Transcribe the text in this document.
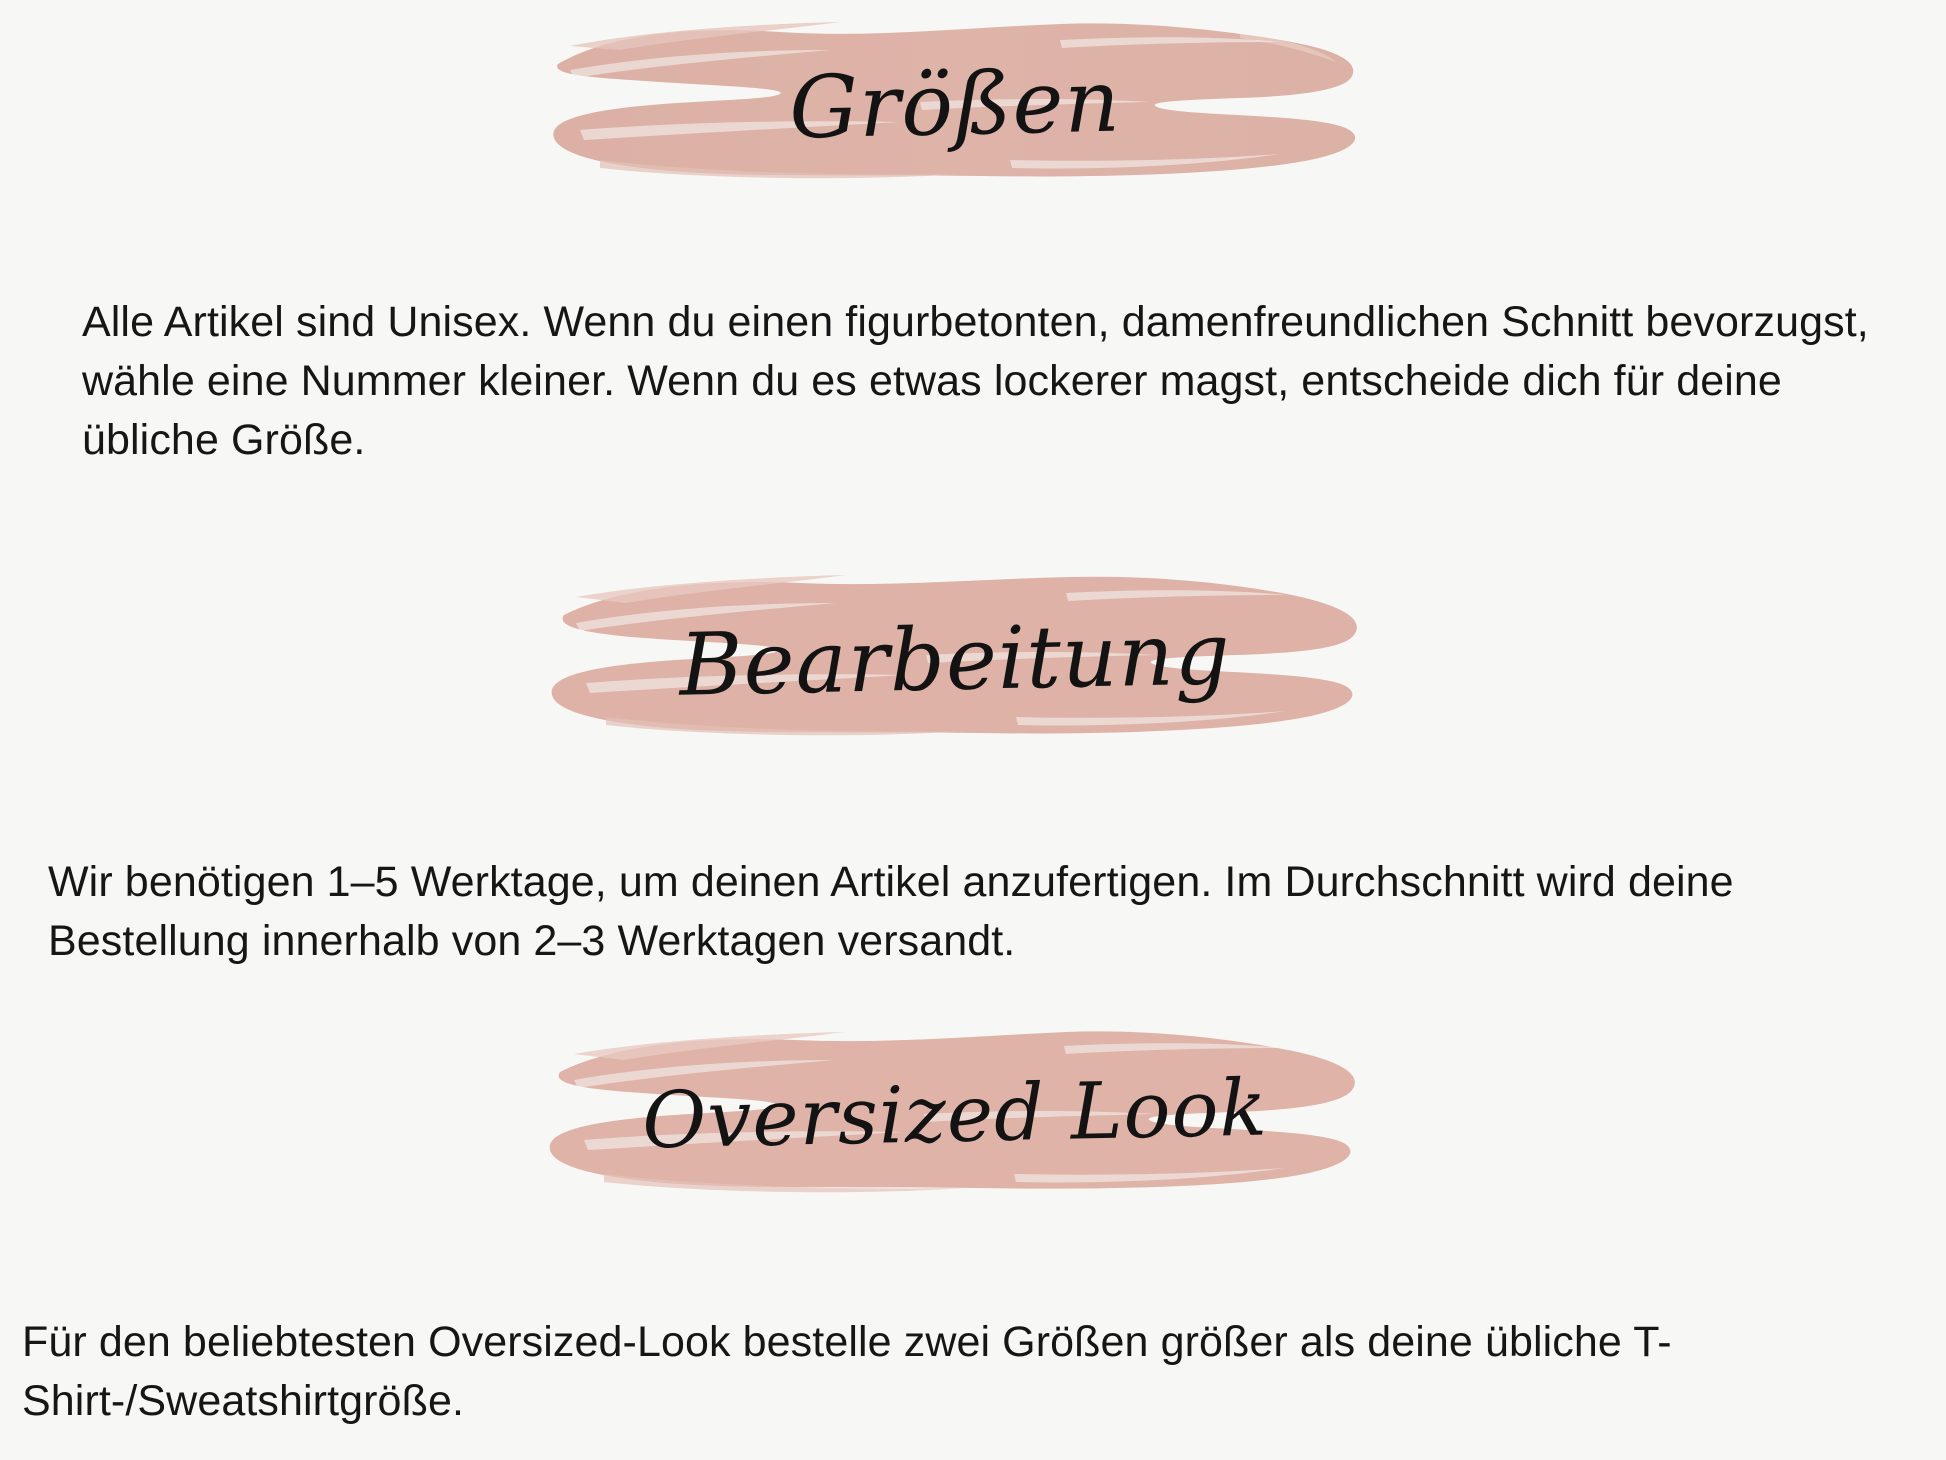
Größen

Alle Artikel sind Unisex. Wenn du einen figurbetonten, damenfreundlichen Schnitt bevorzugst, wähle eine Nummer kleiner. Wenn du es etwas lockerer magst, entscheide dich für deine übliche Größe.

Bearbeitung

Wir benötigen 1–5 Werktage, um deinen Artikel anzufertigen. Im Durchschnitt wird deine Bestellung innerhalb von 2–3 Werktagen versandt.

Oversized Look

Für den beliebtesten Oversized-Look bestelle zwei Größen größer als deine übliche T-Shirt-/Sweatshirtgröße.
